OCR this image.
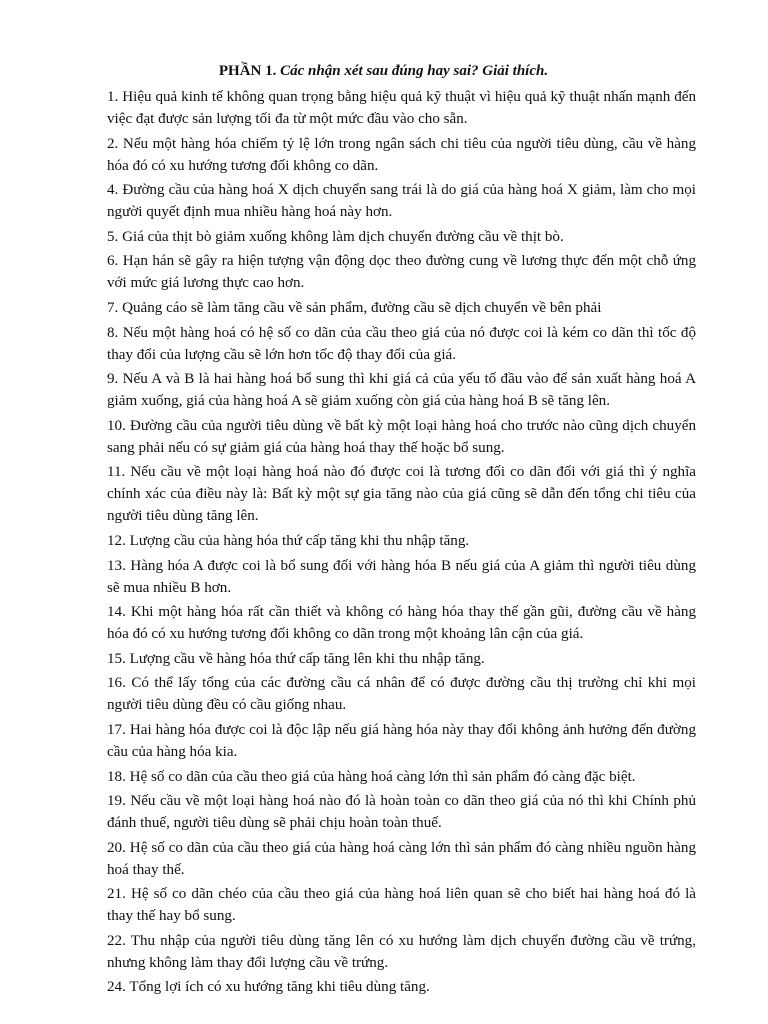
PHẦN 1. Các nhận xét sau đúng hay sai? Giải thích.

1. Hiệu quả kinh tế không quan trọng bằng hiệu quả kỹ thuật vì hiệu quả kỹ thuật nhấn mạnh đến việc đạt được sản lượng tối đa từ một mức đầu vào cho sẵn.

2. Nếu một hàng hóa chiếm tỷ lệ lớn trong ngân sách chi tiêu của người tiêu dùng, cầu về hàng hóa đó có xu hướng tương đối không co dãn.

4. Đường cầu của hàng hoá X dịch chuyển sang trái là do giá của hàng hoá X giảm, làm cho mọi người quyết định mua nhiều hàng hoá này hơn.

5. Giá của thịt bò giảm xuống không làm dịch chuyển đường cầu về thịt bò.

6. Hạn hán sẽ gây ra hiện tượng vận động dọc theo đường cung về lương thực đến một chỗ ứng với mức giá lương thực cao hơn.

7. Quảng cáo sẽ làm tăng cầu về sản phẩm, đường cầu sẽ dịch chuyển về bên phải

8. Nếu một hàng hoá có hệ số co dãn của cầu theo giá của nó được coi là kém co dãn thì tốc độ thay đổi của lượng cầu sẽ lớn hơn tốc độ thay đổi của giá.

9. Nếu A và B là hai hàng hoá bổ sung thì khi giá cả của yếu tố đầu vào để sản xuất hàng hoá A giảm xuống, giá của hàng hoá A sẽ giảm xuống còn giá của hàng hoá B sẽ tăng lên.

10. Đường cầu của người tiêu dùng về bất kỳ một loại hàng hoá cho trước nào cũng dịch chuyển sang phải nếu có sự giảm giá của hàng hoá thay thế hoặc bổ sung.

11. Nếu cầu về một loại hàng hoá nào đó được coi là tương đối co dãn đối với giá thì ý nghĩa chính xác của điều này là: Bất kỳ một sự gia tăng nào của giá cũng sẽ dẫn đến tổng chi tiêu của người tiêu dùng tăng lên.

12. Lượng cầu của hàng hóa thứ cấp tăng khi thu nhập tăng.

13. Hàng hóa A được coi là bổ sung đối với hàng hóa B nếu giá của A giảm thì người tiêu dùng sẽ mua nhiều B hơn.

14. Khi một hàng hóa rất cần thiết và không có hàng hóa thay thế gần gũi, đường cầu về hàng hóa đó có xu hướng tương đối không co dãn trong một khoảng lân cận của giá.

15. Lượng cầu về hàng hóa thứ cấp tăng lên khi thu nhập tăng.

16. Có thể lấy tổng của các đường cầu cá nhân để có được đường cầu thị trường chỉ khi mọi người tiêu dùng đều có cầu giống nhau.

17. Hai hàng hóa được coi là độc lập nếu giá hàng hóa này thay đổi không ảnh hưởng đến đường cầu của hàng hóa kia.

18. Hệ số co dãn của cầu theo giá của hàng hoá càng lớn thì sản phẩm đó càng đặc biệt.

19. Nếu cầu về một loại hàng hoá nào đó là hoàn toàn co dãn theo giá của nó thì khi Chính phủ đánh thuế, người tiêu dùng sẽ phải chịu hoàn toàn thuế.

20. Hệ số co dãn của cầu theo giá của hàng hoá càng lớn thì sản phẩm đó càng nhiều nguồn hàng hoá thay thế.

21. Hệ số co dãn chéo của cầu theo giá của hàng hoá liên quan sẽ cho biết hai hàng hoá đó là thay thế hay bổ sung.

22. Thu nhập của người tiêu dùng tăng lên có xu hướng làm dịch chuyển đường cầu về trứng, nhưng không làm thay đổi lượng cầu về trứng.

24. Tổng lợi ích có xu hướng tăng khi tiêu dùng tăng.
